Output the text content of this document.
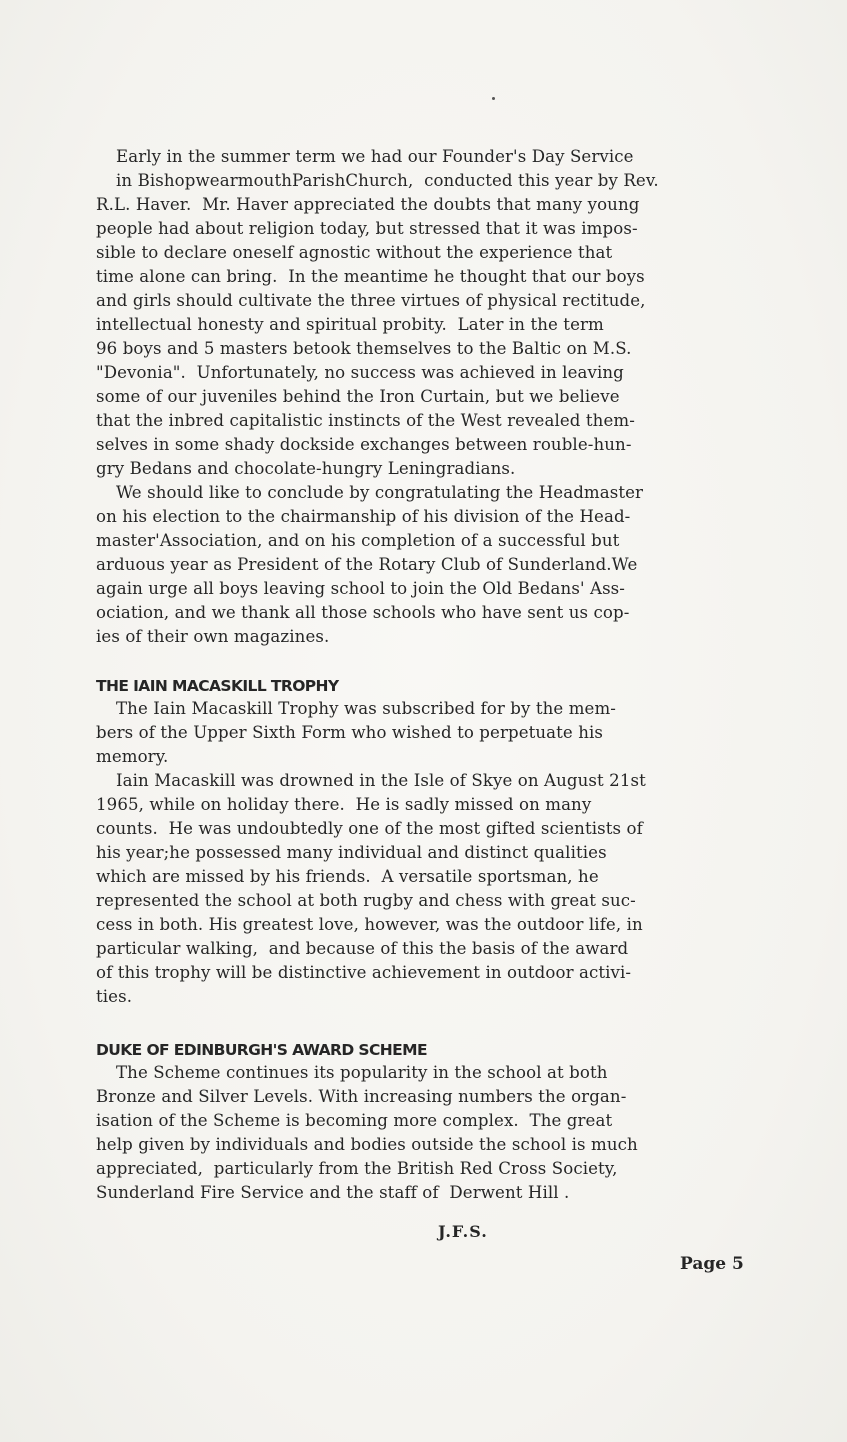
Early in the summer term we had our Founder's Day Service
in BishopwearmouthParishChurch,  conducted this year by Rev.
R.L. Haver.  Mr. Haver appreciated the doubts that many young
people had about religion today, but stressed that it was impos-
sible to declare oneself agnostic without the experience that
time alone can bring.  In the meantime he thought that our boys
and girls should cultivate the three virtues of physical rectitude,
intellectual honesty and spiritual probity.  Later in the term
96 boys and 5 masters betook themselves to the Baltic on M.S.
"Devonia".  Unfortunately, no success was achieved in leaving
some of our juveniles behind the Iron Curtain, but we believe
that the inbred capitalistic instincts of the West revealed them-
selves in some shady dockside exchanges between rouble-hun-
gry Bedans and chocolate-hungry Leningradians.
We should like to conclude by congratulating the Headmaster
on his election to the chairmanship of his division of the Head-
master'Association, and on his completion of a successful but
arduous year as President of the Rotary Club of Sunderland.We
again urge all boys leaving school to join the Old Bedans' Ass-
ociation, and we thank all those schools who have sent us cop-
ies of their own magazines.

THE IAIN MACASKILL TROPHY

The Iain Macaskill Trophy was subscribed for by the mem-
bers of the Upper Sixth Form who wished to perpetuate his
memory.
Iain Macaskill was drowned in the Isle of Skye on August 21st
1965, while on holiday there.  He is sadly missed on many
counts.  He was undoubtedly one of the most gifted scientists of
his year;he possessed many individual and distinct qualities
which are missed by his friends.  A versatile sportsman, he
represented the school at both rugby and chess with great suc-
cess in both. His greatest love, however, was the outdoor life, in
particular walking,  and because of this the basis of the award
of this trophy will be distinctive achievement in outdoor activi-
ties.

DUKE OF EDINBURGH'S AWARD SCHEME

The Scheme continues its popularity in the school at both
Bronze and Silver Levels. With increasing numbers the organ-
isation of the Scheme is becoming more complex.  The great
help given by individuals and bodies outside the school is much
appreciated,  particularly from the British Red Cross Society,
Sunderland Fire Service and the staff of  Derwent Hill .

J.F.S.
Page 5
